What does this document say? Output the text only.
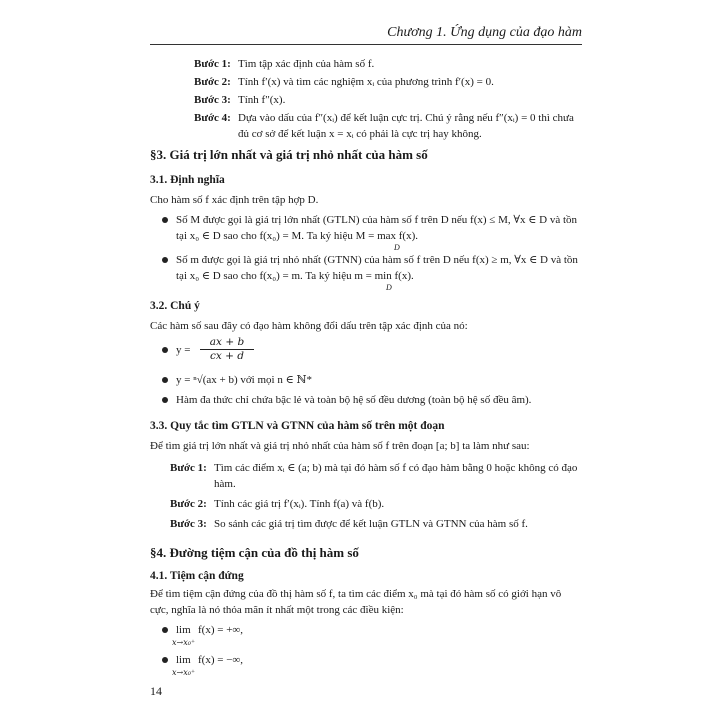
Chương 1. Ứng dụng của đạo hàm
Bước 1: Tìm tập xác định của hàm số f.
Bước 2: Tính f′(x) và tìm các nghiệm xᵢ của phương trình f′(x) = 0.
Bước 3: Tính f″(x).
Bước 4: Dựa vào dấu của f″(xᵢ) để kết luận cực trị. Chú ý rằng nếu f″(xᵢ) = 0 thì chưa đủ cơ sở để kết luận x = xᵢ có phải là cực trị hay không.
§3. Giá trị lớn nhất và giá trị nhỏ nhất của hàm số
3.1. Định nghĩa
Cho hàm số f xác định trên tập hợp D.
Số M được gọi là giá trị lớn nhất (GTLN) của hàm số f trên D nếu f(x) ≤ M, ∀x ∈ D và tồn tại x₀ ∈ D sao cho f(x₀) = M. Ta ký hiệu M = max f(x).
D
Số m được gọi là giá trị nhỏ nhất (GTNN) của hàm số f trên D nếu f(x) ≥ m, ∀x ∈ D và tồn tại x₀ ∈ D sao cho f(x₀) = m. Ta ký hiệu m = min f(x).
D
3.2. Chú ý
Các hàm số sau đây có đạo hàm không đổi dấu trên tập xác định của nó:
y =
ax + b
cx + d
y = ⁿ√(ax + b) với mọi n ∈ ℕ*
Hàm đa thức chỉ chứa bậc lẻ và toàn bộ hệ số đều dương (toàn bộ hệ số đều âm).
3.3. Quy tắc tìm GTLN và GTNN của hàm số trên một đoạn
Để tìm giá trị lớn nhất và giá trị nhỏ nhất của hàm số f trên đoạn [a; b] ta làm như sau:
Bước 1: Tìm các điểm xᵢ ∈ (a; b) mà tại đó hàm số f có đạo hàm bằng 0 hoặc không có đạo hàm.
Bước 2: Tính các giá trị f′(xᵢ). Tính f(a) và f(b).
Bước 3: So sánh các giá trị tìm được để kết luận GTLN và GTNN của hàm số f.
§4. Đường tiệm cận của đồ thị hàm số
4.1. Tiệm cận đứng
Để tìm tiệm cận đứng của đồ thị hàm số f, ta tìm các điểm x₀ mà tại đó hàm số có giới hạn vô cực, nghĩa là nó thỏa mãn ít nhất một trong các điều kiện:
lim
x→x₀⁺
f(x) = +∞,
lim
x→x₀⁺
f(x) = −∞,
14
